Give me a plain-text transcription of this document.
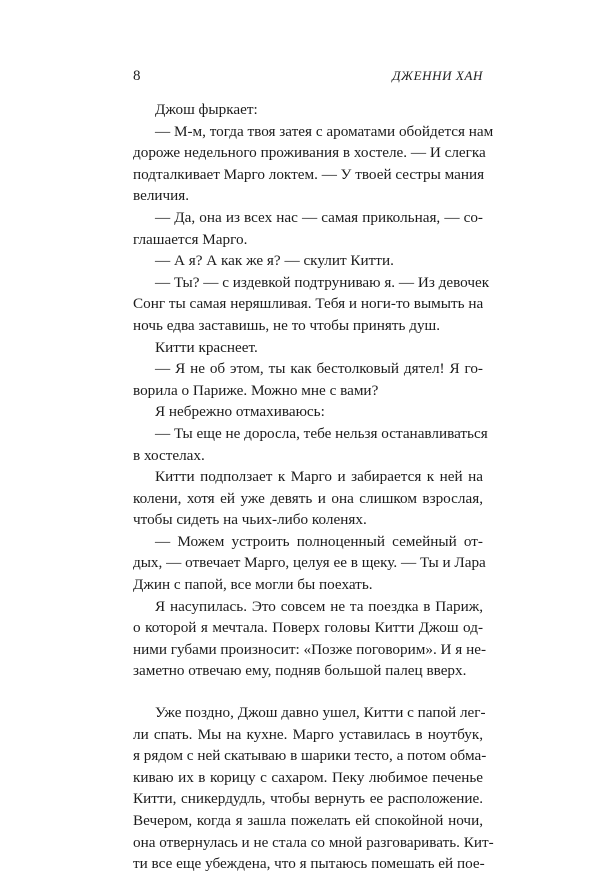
8	ДЖЕННИ ХАН
Джош фыркает:
— М-м, тогда твоя затея с ароматами обойдется нам
дороже недельного проживания в хостеле. — И слегка
подталкивает Марго локтем. — У твоей сестры мания
величия.
— Да, она из всех нас — самая прикольная, — со-
глашается Марго.
— А я? А как же я? — скулит Китти.
— Ты? — с издевкой подтруниваю я. — Из девочек
Сонг ты самая неряшливая. Тебя и ноги-то вымыть на
ночь едва заставишь, не то чтобы принять душ.
Китти краснеет.
— Я не об этом, ты как бестолковый дятел! Я го-
ворила о Париже. Можно мне с вами?
Я небрежно отмахиваюсь:
— Ты еще не доросла, тебе нельзя останавливаться
в хостелах.
Китти подползает к Марго и забирается к ней на
колени, хотя ей уже девять и она слишком взрослая,
чтобы сидеть на чьих-либо коленях.
— Можем устроить полноценный семейный от-
дых, — отвечает Марго, целуя ее в щеку. — Ты и Лара
Джин с папой, все могли бы поехать.
Я насупилась. Это совсем не та поездка в Париж,
о которой я мечтала. Поверх головы Китти Джош од-
ними губами произносит: «Позже поговорим». И я не-
заметно отвечаю ему, подняв большой палец вверх.
Уже поздно, Джош давно ушел, Китти с папой лег-
ли спать. Мы на кухне. Марго уставилась в ноутбук,
я рядом с ней скатываю в шарики тесто, а потом обма-
киваю их в корицу с сахаром. Пеку любимое печенье
Китти, сникердудль, чтобы вернуть ее расположение.
Вечером, когда я зашла пожелать ей спокойной ночи,
она отвернулась и не стала со мной разговаривать. Кит-
ти все еще убеждена, что я пытаюсь помешать ей пое-
